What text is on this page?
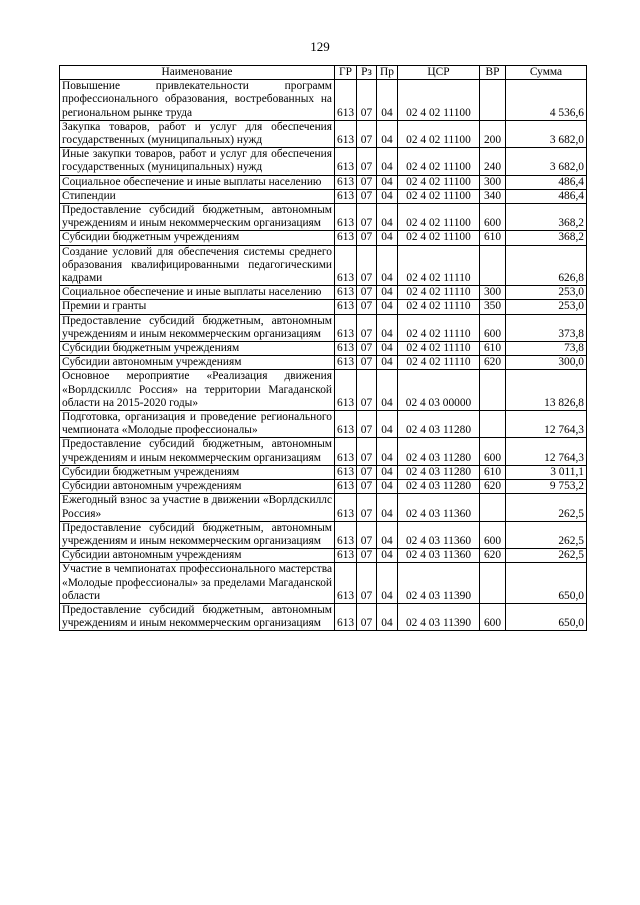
129
Наименование	ГР	Рз	Пр	ЦСР	ВР	Сумма
Повышение привлекательности программ профессионального образования, востребованных на региональном рынке труда	613	07	04	02 4 02 11100		4 536,6
Закупка товаров, работ и услуг для обеспечения государственных (муниципальных) нужд	613	07	04	02 4 02 11100	200	3 682,0
Иные закупки товаров, работ и услуг для обеспечения государственных (муниципальных) нужд	613	07	04	02 4 02 11100	240	3 682,0
Социальное обеспечение и иные выплаты населению	613	07	04	02 4 02 11100	300	486,4
Стипендии	613	07	04	02 4 02 11100	340	486,4
Предоставление субсидий бюджетным, автономным учреждениям и иным некоммерческим организациям	613	07	04	02 4 02 11100	600	368,2
Субсидии бюджетным учреждениям	613	07	04	02 4 02 11100	610	368,2
Создание условий для обеспечения системы среднего образования квалифицированными педагогическими кадрами	613	07	04	02 4 02 11110		626,8
Социальное обеспечение и иные выплаты населению	613	07	04	02 4 02 11110	300	253,0
Премии и гранты	613	07	04	02 4 02 11110	350	253,0
Предоставление субсидий бюджетным, автономным учреждениям и иным некоммерческим организациям	613	07	04	02 4 02 11110	600	373,8
Субсидии бюджетным учреждениям	613	07	04	02 4 02 11110	610	73,8
Субсидии автономным учреждениям	613	07	04	02 4 02 11110	620	300,0
Основное мероприятие «Реализация движения «Ворлдскиллс Россия» на территории Магаданской области на 2015-2020 годы»	613	07	04	02 4 03 00000		13 826,8
Подготовка, организация и проведение регионального чемпионата «Молодые профессионалы»	613	07	04	02 4 03 11280		12 764,3
Предоставление субсидий бюджетным, автономным учреждениям и иным некоммерческим организациям	613	07	04	02 4 03 11280	600	12 764,3
Субсидии бюджетным учреждениям	613	07	04	02 4 03 11280	610	3 011,1
Субсидии автономным учреждениям	613	07	04	02 4 03 11280	620	9 753,2
Ежегодный взнос за участие в движении «Ворлдскиллс Россия»	613	07	04	02 4 03 11360		262,5
Предоставление субсидий бюджетным, автономным учреждениям и иным некоммерческим организациям	613	07	04	02 4 03 11360	600	262,5
Субсидии автономным учреждениям	613	07	04	02 4 03 11360	620	262,5
Участие в чемпионатах профессионального мастерства «Молодые профессионалы» за пределами Магаданской области	613	07	04	02 4 03 11390		650,0
Предоставление субсидий бюджетным, автономным учреждениям и иным некоммерческим организациям	613	07	04	02 4 03 11390	600	650,0
